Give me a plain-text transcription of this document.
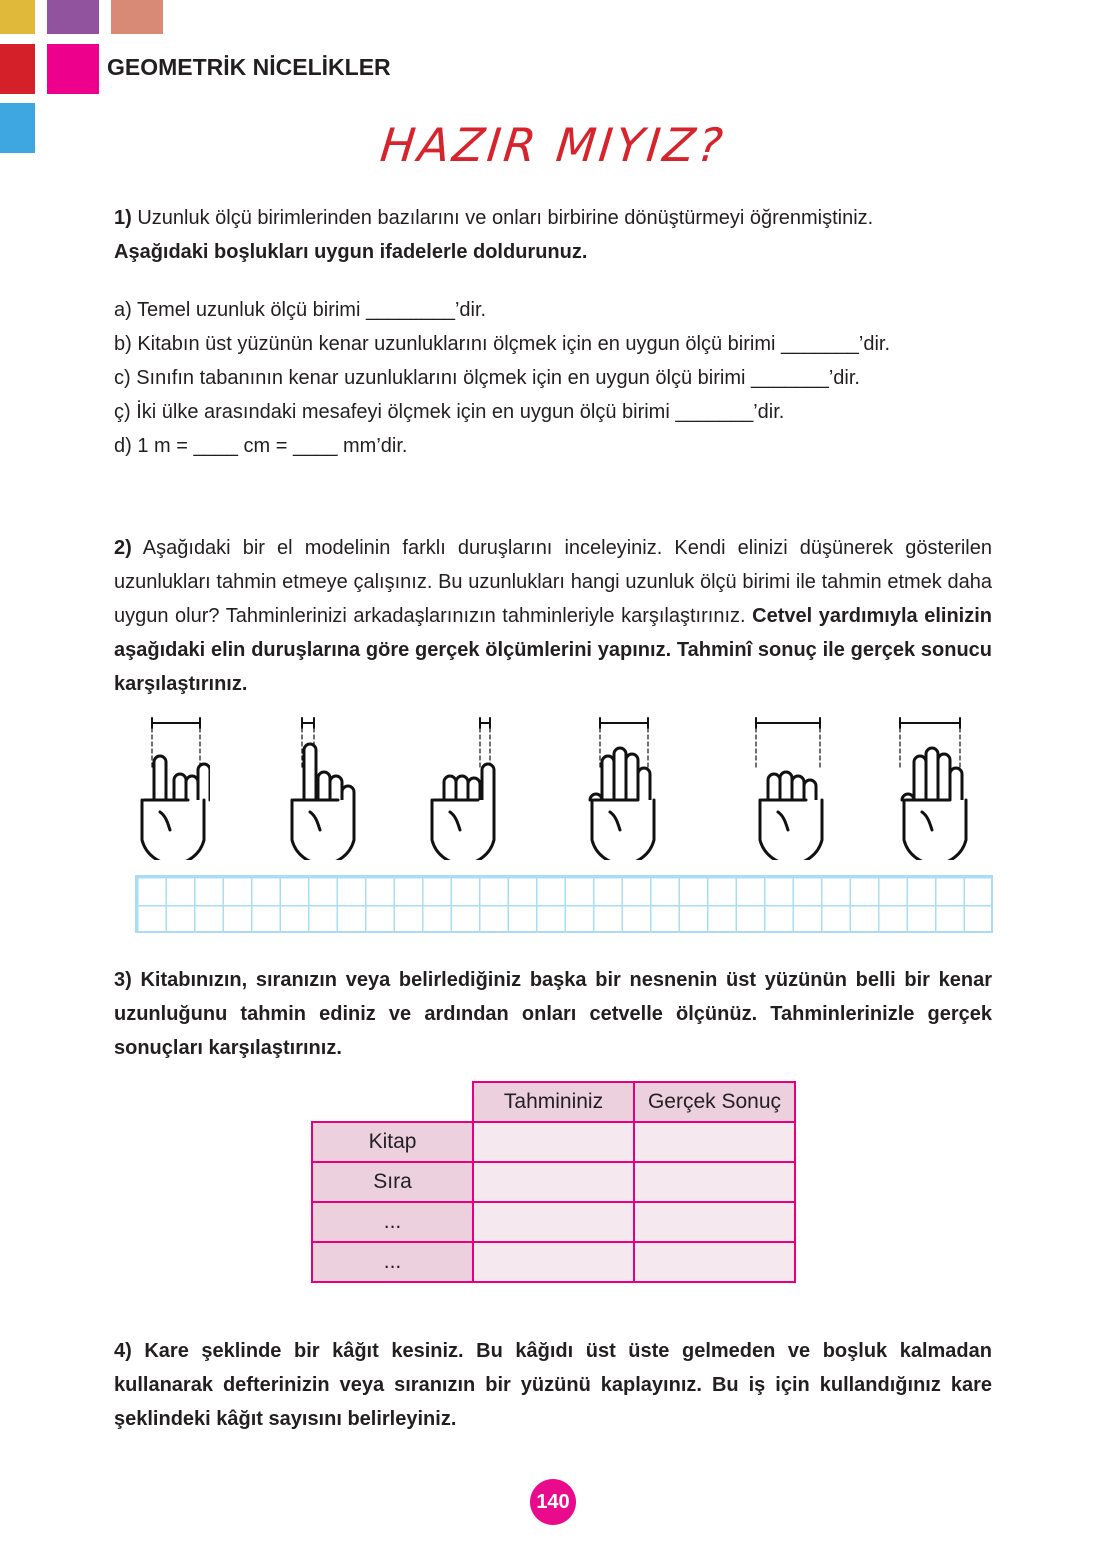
GEOMETRİK NİCELİKLER
HAZIR MIYIZ?
1) Uzunluk ölçü birimlerinden bazılarını ve onları birbirine dönüştürmeyi öğrenmiştiniz.
Aşağıdaki boşlukları uygun ifadelerle doldurunuz.
a) Temel uzunluk ölçü birimi ________’dir.
b) Kitabın üst yüzünün kenar uzunluklarını ölçmek için en uygun ölçü birimi _______’dir.
c) Sınıfın tabanının kenar uzunluklarını ölçmek için en uygun ölçü birimi _______’dir.
ç) İki ülke arasındaki mesafeyi ölçmek için en uygun ölçü birimi _______’dir.
d) 1 m = ____ cm = ____ mm’dir.
2) Aşağıdaki bir el modelinin farklı duruşlarını inceleyiniz. Kendi elinizi düşünerek gösterilen uzunlukları tahmin etmeye çalışınız. Bu uzunlukları hangi uzunluk ölçü birimi ile tahmin etmek daha uygun olur? Tahminlerinizi arkadaşlarınızın tahminleriyle karşılaştırınız. Cetvel yardımıyla elinizin aşağıdaki elin duruşlarına göre gerçek ölçümlerini yapınız. Tahminî sonuç ile gerçek sonucu karşılaştırınız.
3) Kitabınızın, sıranızın veya belirlediğiniz başka bir nesnenin üst yüzünün belli bir kenar uzunluğunu tahmin ediniz ve ardından onları cetvelle ölçünüz. Tahminlerinizle gerçek sonuçları karşılaştırınız.
	Tahmininiz	Gerçek Sonuç
Kitap		
Sıra		
...		
...		
4) Kare şeklinde bir kâğıt kesiniz. Bu kâğıdı üst üste gelmeden ve boşluk kalmadan kullanarak defterinizin veya sıranızın bir yüzünü kaplayınız. Bu iş için kullandığınız kare şeklindeki kâğıt sayısını belirleyiniz.
140
